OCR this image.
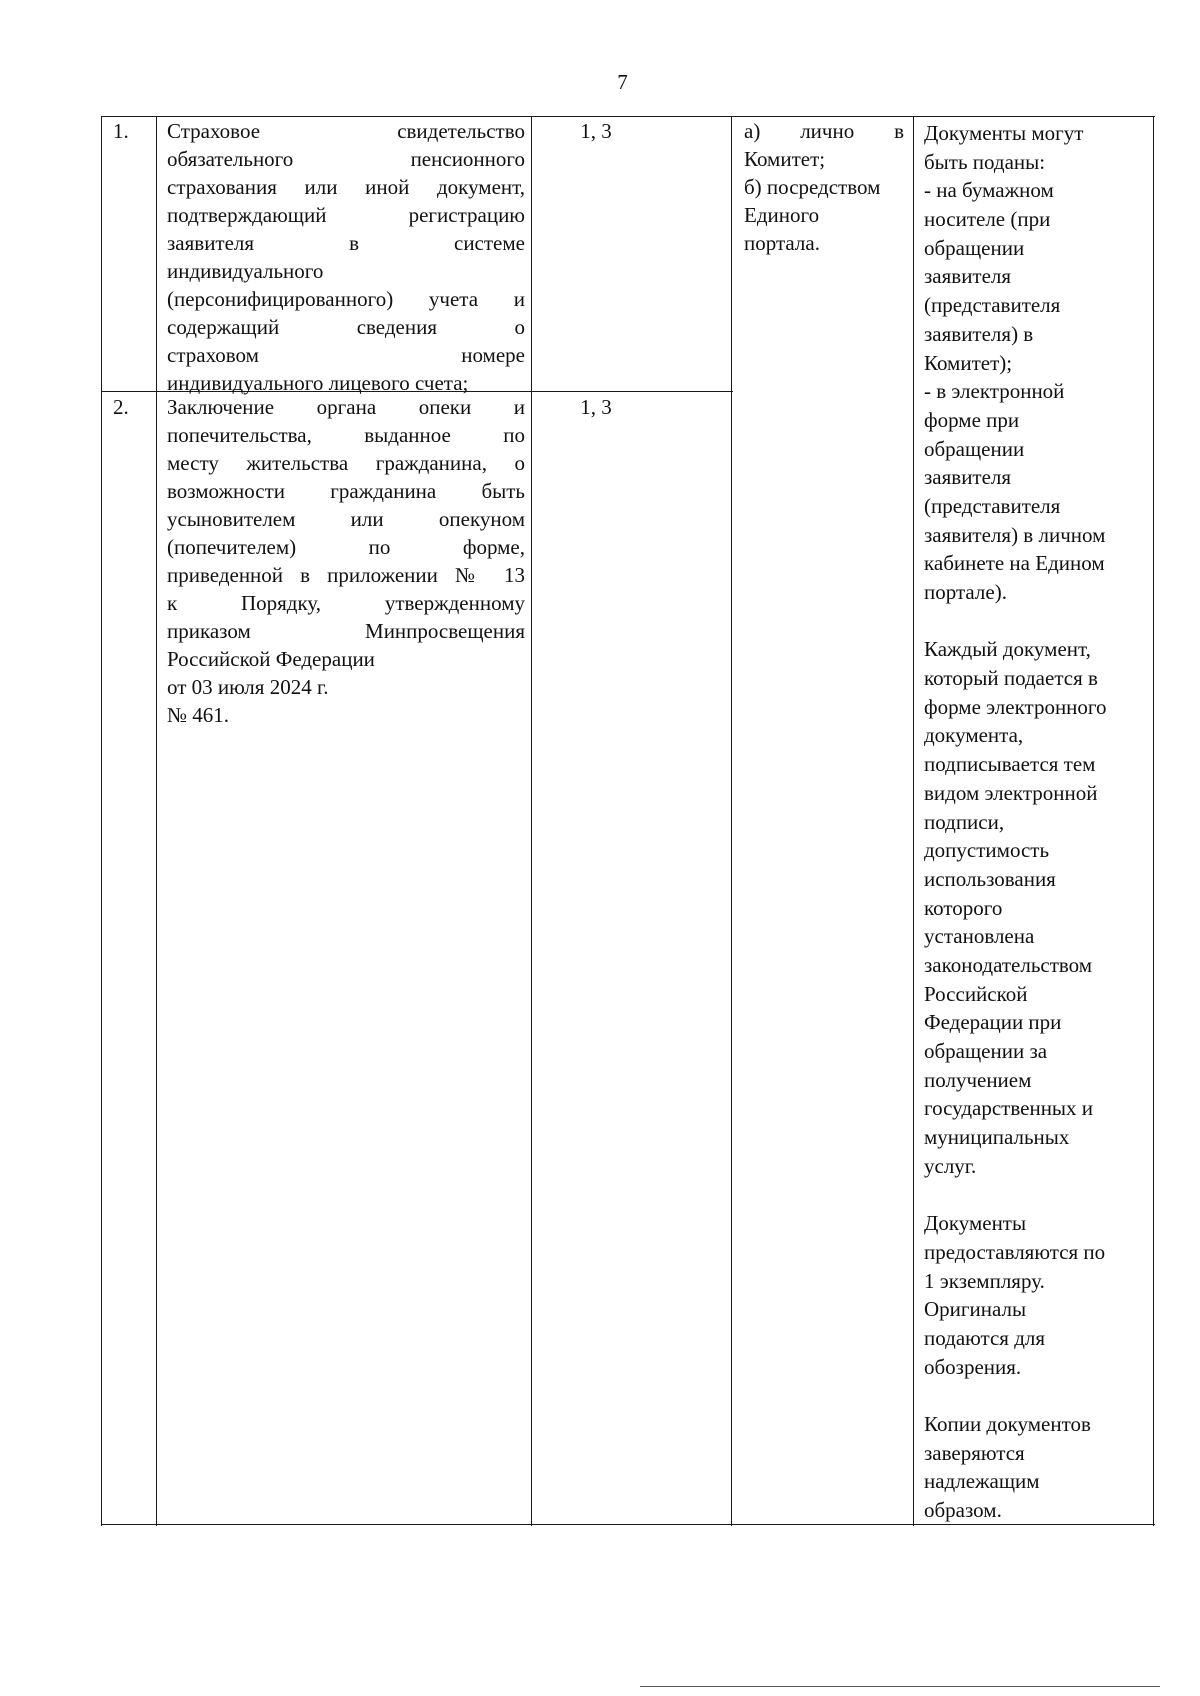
7
1. Страховое свидетельство
обязательного пенсионного
страхования или иной документ,
подтверждающий регистрацию
заявителя в системе
индивидуального
(персонифицированного) учета и
содержащий сведения о
страховом номере
индивидуального лицевого счета;
1, 3
2. Заключение органа опеки и
попечительства, выданное по
месту жительства гражданина, о
возможности гражданина быть
усыновителем или опекуном
(попечителем) по форме,
приведенной в приложении № 13
к Порядку, утвержденному
приказом Минпросвещения
Российской Федерации
от 03 июля 2024 г.
№ 461.
1, 3
а) лично в
Комитет;
б) посредством
Единого
портала.
Документы могут
быть поданы:
- на бумажном
носителе (при
обращении
заявителя
(представителя
заявителя) в
Комитет);
- в электронной
форме при
обращении
заявителя
(представителя
заявителя) в личном
кабинете на Едином
портале).
Каждый документ,
который подается в
форме электронного
документа,
подписывается тем
видом электронной
подписи,
допустимость
использования
которого
установлена
законодательством
Российской
Федерации при
обращении за
получением
государственных и
муниципальных
услуг.
Документы
предоставляются по
1 экземпляру.
Оригиналы
подаются для
обозрения.
Копии документов
заверяются
надлежащим
образом.
